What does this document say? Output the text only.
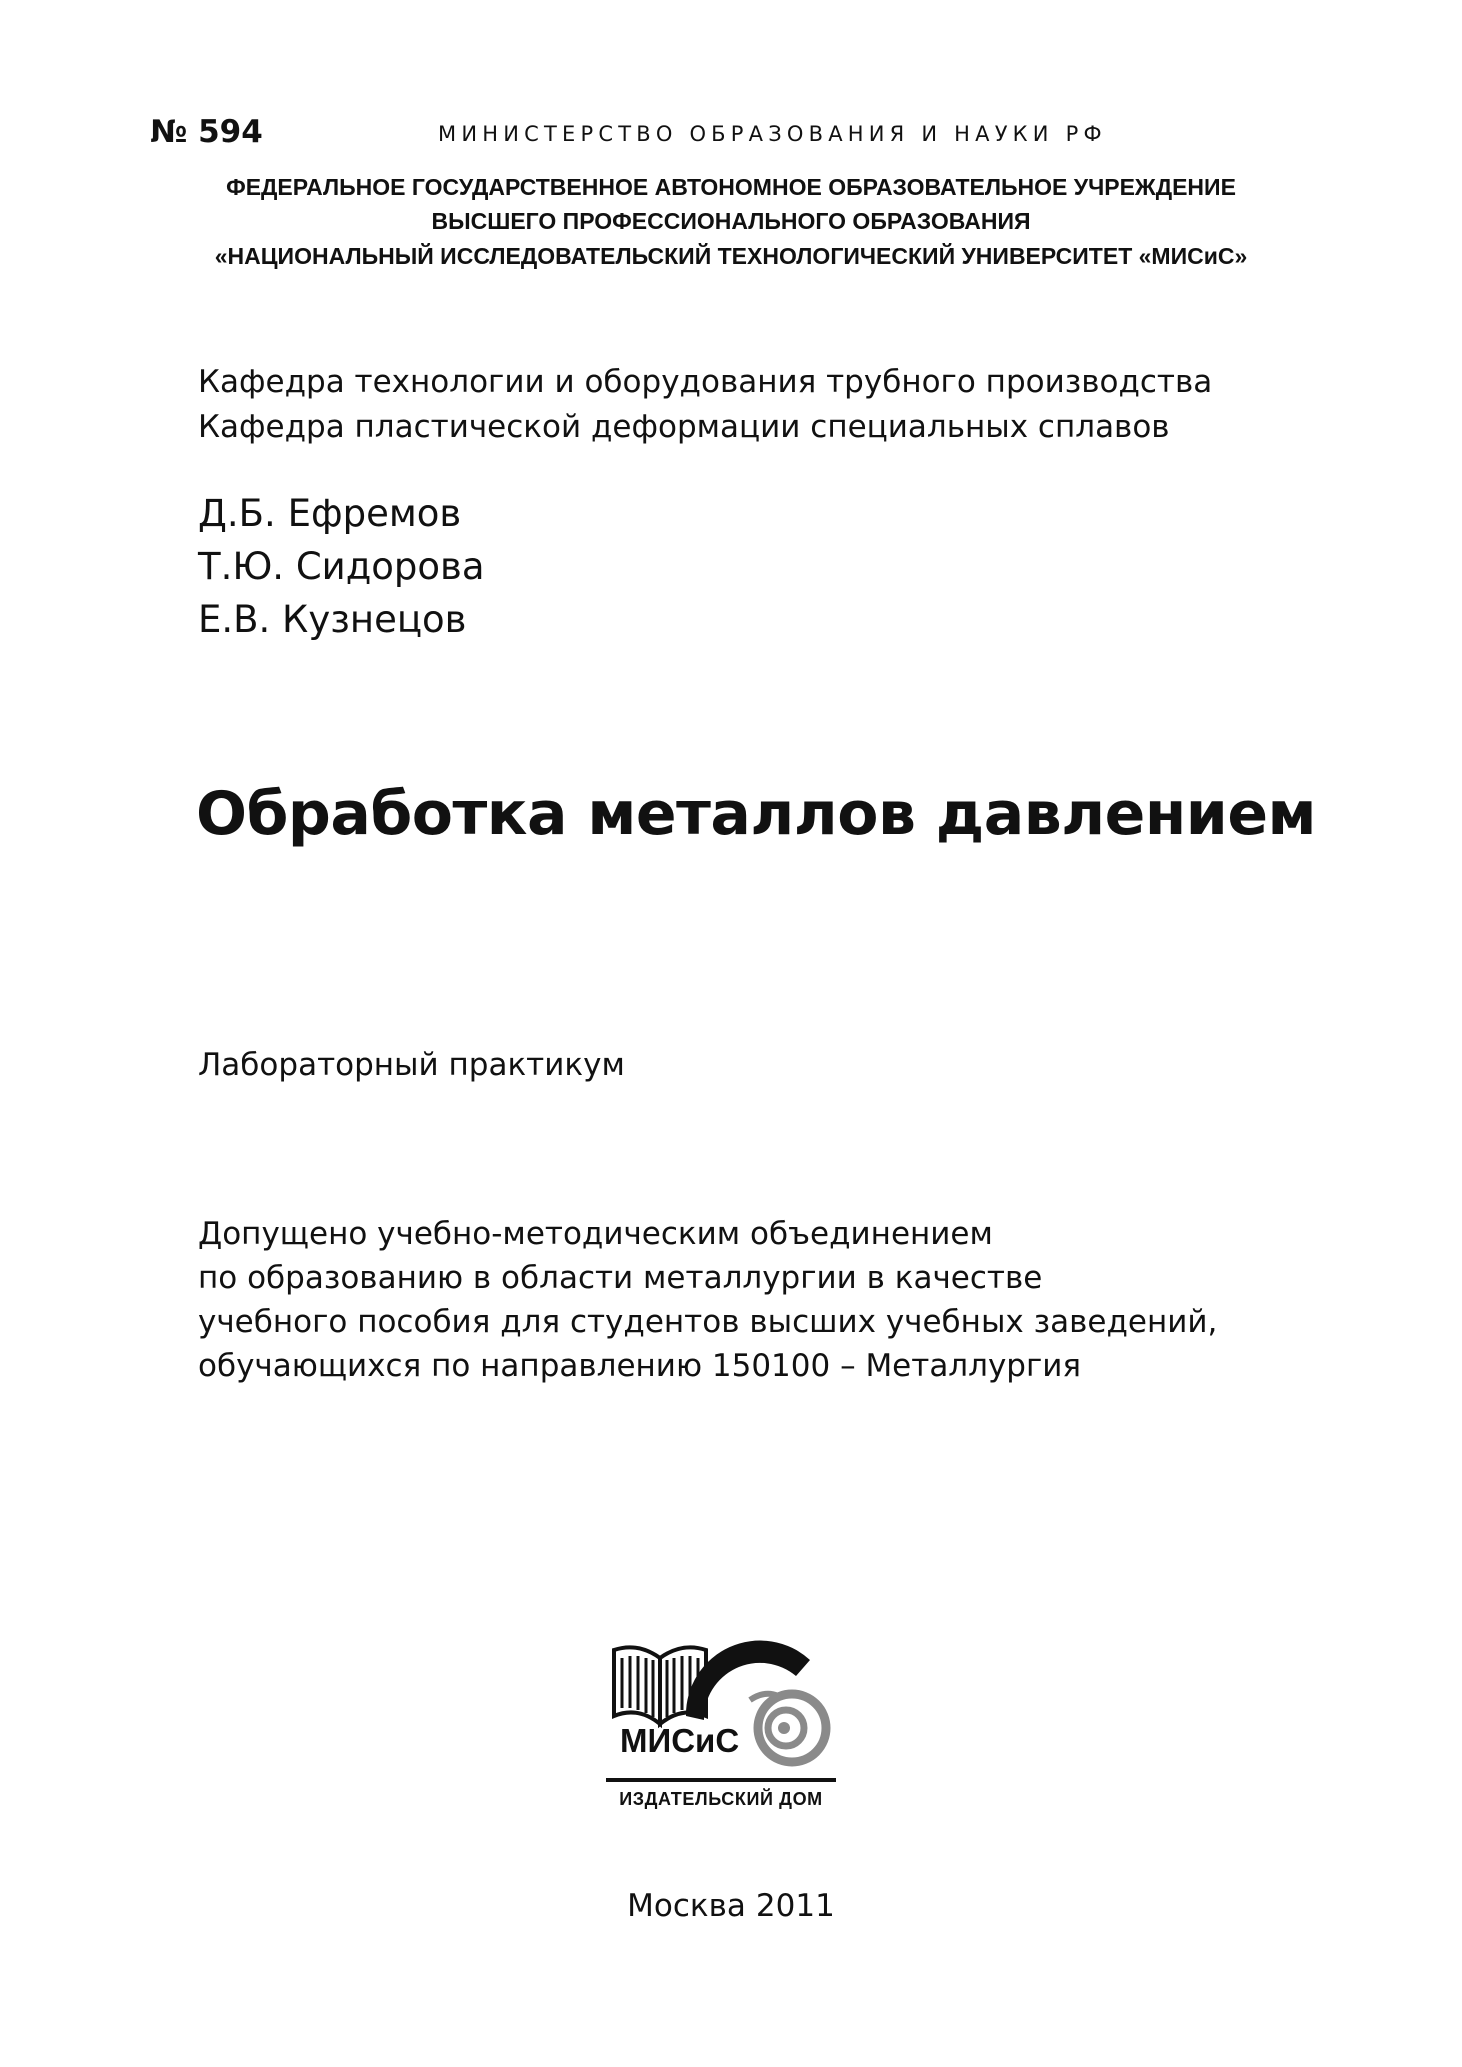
№ 594	МИНИСТЕРСТВО ОБРАЗОВАНИЯ И НАУКИ РФ
ФЕДЕРАЛЬНОЕ ГОСУДАРСТВЕННОЕ АВТОНОМНОЕ ОБРАЗОВАТЕЛЬНОЕ УЧРЕЖДЕНИЕ
ВЫСШЕГО ПРОФЕССИОНАЛЬНОГО ОБРАЗОВАНИЯ
«НАЦИОНАЛЬНЫЙ ИССЛЕДОВАТЕЛЬСКИЙ ТЕХНОЛОГИЧЕСКИЙ УНИВЕРСИТЕТ «МИСиС»
Кафедра технологии и оборудования трубного производства
Кафедра пластической деформации специальных сплавов
Д.Б. Ефремов
Т.Ю. Сидорова
Е.В. Кузнецов
Обработка металлов давлением
Лабораторный практикум
Допущено учебно-методическим объединением
по образованию в области металлургии в качестве
учебного пособия для студентов высших учебных заведений,
обучающихся по направлению 150100 – Металлургия
МИСиС
ИЗДАТЕЛЬСКИЙ ДОМ
Москва 2011
